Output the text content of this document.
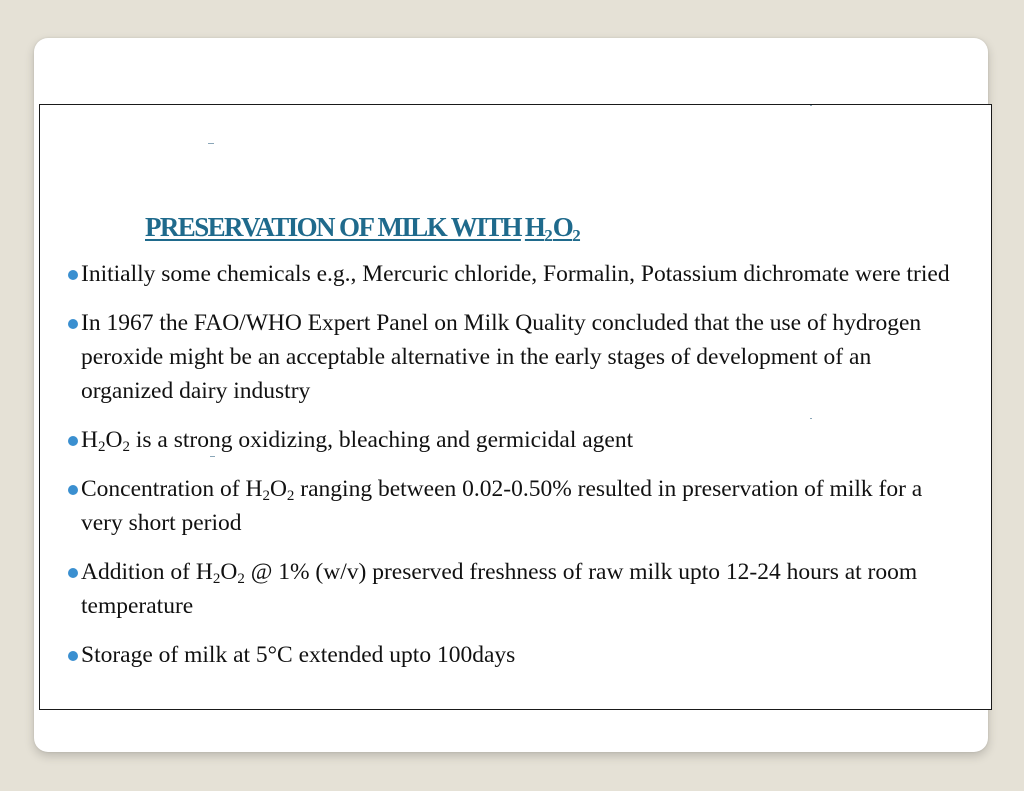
PRESERVATION OF MILK WITH $H_2O_2$
Initially some chemicals e.g., Mercuric chloride, Formalin, Potassium dichromate were tried
In 1967 the FAO/WHO Expert Panel on Milk Quality concluded that the use of hydrogen peroxide might be an acceptable alternative in the early stages of development of an organized dairy industry
$H_2O_2$ is a strong oxidizing, bleaching and germicidal agent
Concentration of $H_2O_2$ ranging between 0.02-0.50% resulted in preservation of milk for a very short period
Addition of $H_2O_2$ @ 1% (w/v) preserved freshness of raw milk upto 12-24 hours at room temperature
Storage of milk at 5°C extended upto 100days
